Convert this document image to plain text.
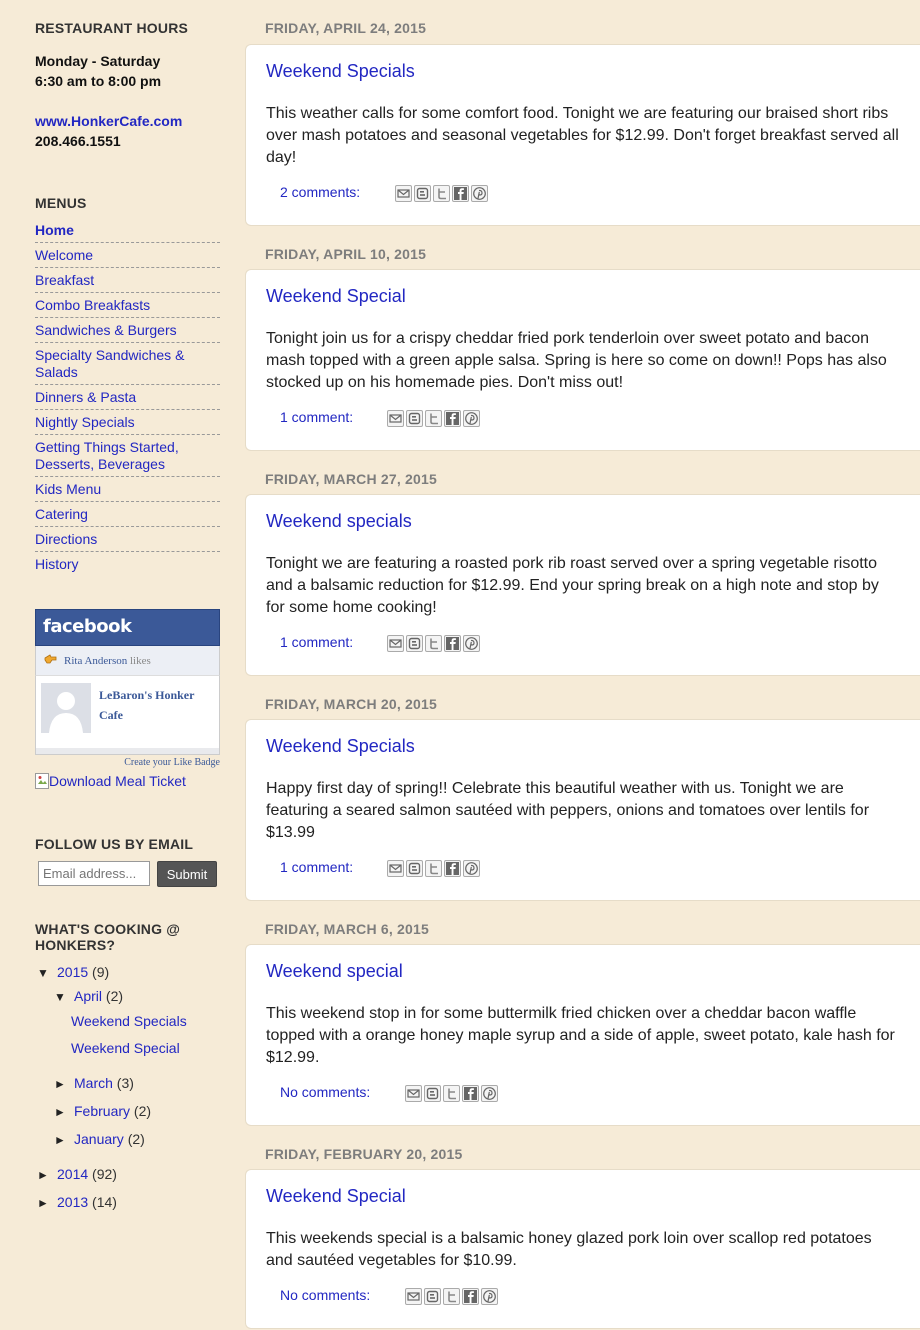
RESTAURANT HOURS
Monday - Saturday
6:30 am to 8:00 pm
www.HonkerCafe.com
208.466.1551
MENUS
Home
Welcome
Breakfast
Combo Breakfasts
Sandwiches & Burgers
Specialty Sandwiches & Salads
Dinners & Pasta
Nightly Specials
Getting Things Started, Desserts, Beverages
Kids Menu
Catering
Directions
History
facebook
Rita Anderson likes
LeBaron's Honker Cafe
Create your Like Badge
Download Meal Ticket
FOLLOW US BY EMAIL
Email address...
Submit
WHAT'S COOKING @ HONKERS?
▼ 2015 (9)
▼ April (2)
Weekend Specials
Weekend Special
► March (3)
► February (2)
► January (2)
► 2014 (92)
► 2013 (14)
FRIDAY, APRIL 24, 2015
Weekend Specials
This weather calls for some comfort food. Tonight we are featuring our braised short ribs over mash potatoes and seasonal vegetables for $12.99. Don't forget breakfast served all day!
2 comments:
FRIDAY, APRIL 10, 2015
Weekend Special
Tonight join us for a crispy cheddar fried pork tenderloin over sweet potato and bacon mash topped with a green apple salsa. Spring is here so come on down!! Pops has also stocked up on his homemade pies. Don't miss out!
1 comment:
FRIDAY, MARCH 27, 2015
Weekend specials
Tonight we are featuring a roasted pork rib roast served over a spring vegetable risotto and a balsamic reduction for $12.99. End your spring break on a high note and stop by for some home cooking!
1 comment:
FRIDAY, MARCH 20, 2015
Weekend Specials
Happy first day of spring!! Celebrate this beautiful weather with us. Tonight we are featuring a seared salmon sautéed with peppers, onions and tomatoes over lentils for $13.99
1 comment:
FRIDAY, MARCH 6, 2015
Weekend special
This weekend stop in for some buttermilk fried chicken over a cheddar bacon waffle topped with a orange honey maple syrup and a side of apple, sweet potato, kale hash for $12.99.
No comments:
FRIDAY, FEBRUARY 20, 2015
Weekend Special
This weekends special is a balsamic honey glazed pork loin over scallop red potatoes and sautéed vegetables for $10.99.
No comments:
